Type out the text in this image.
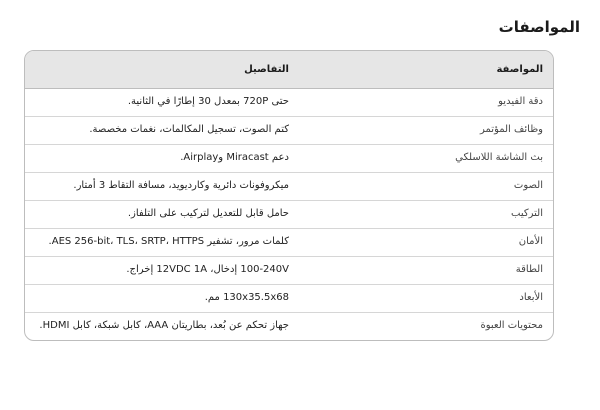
المواصفات
المواصفة	التفاصيل
دقة الفيديو	حتى 720P بمعدل 30 إطارًا في الثانية.
وظائف المؤتمر	كتم الصوت، تسجيل المكالمات، نغمات مخصصة.
بث الشاشة اللاسلكي	دعم Miracast وAirplay.
الصوت	ميكروفونات دائرية وكارديويد، مسافة التقاط 3 أمتار.
التركيب	حامل قابل للتعديل لتركيب على التلفاز.
الأمان	كلمات مرور، تشفير AES 256-bit، TLS، SRTP، HTTPS.
الطاقة	100-240V إدخال، 12VDC 1A إخراج.
الأبعاد	130x35.5x68 مم.
محتويات العبوة	جهاز تحكم عن بُعد، بطاريتان AAA، كابل شبكة، كابل HDMI.
